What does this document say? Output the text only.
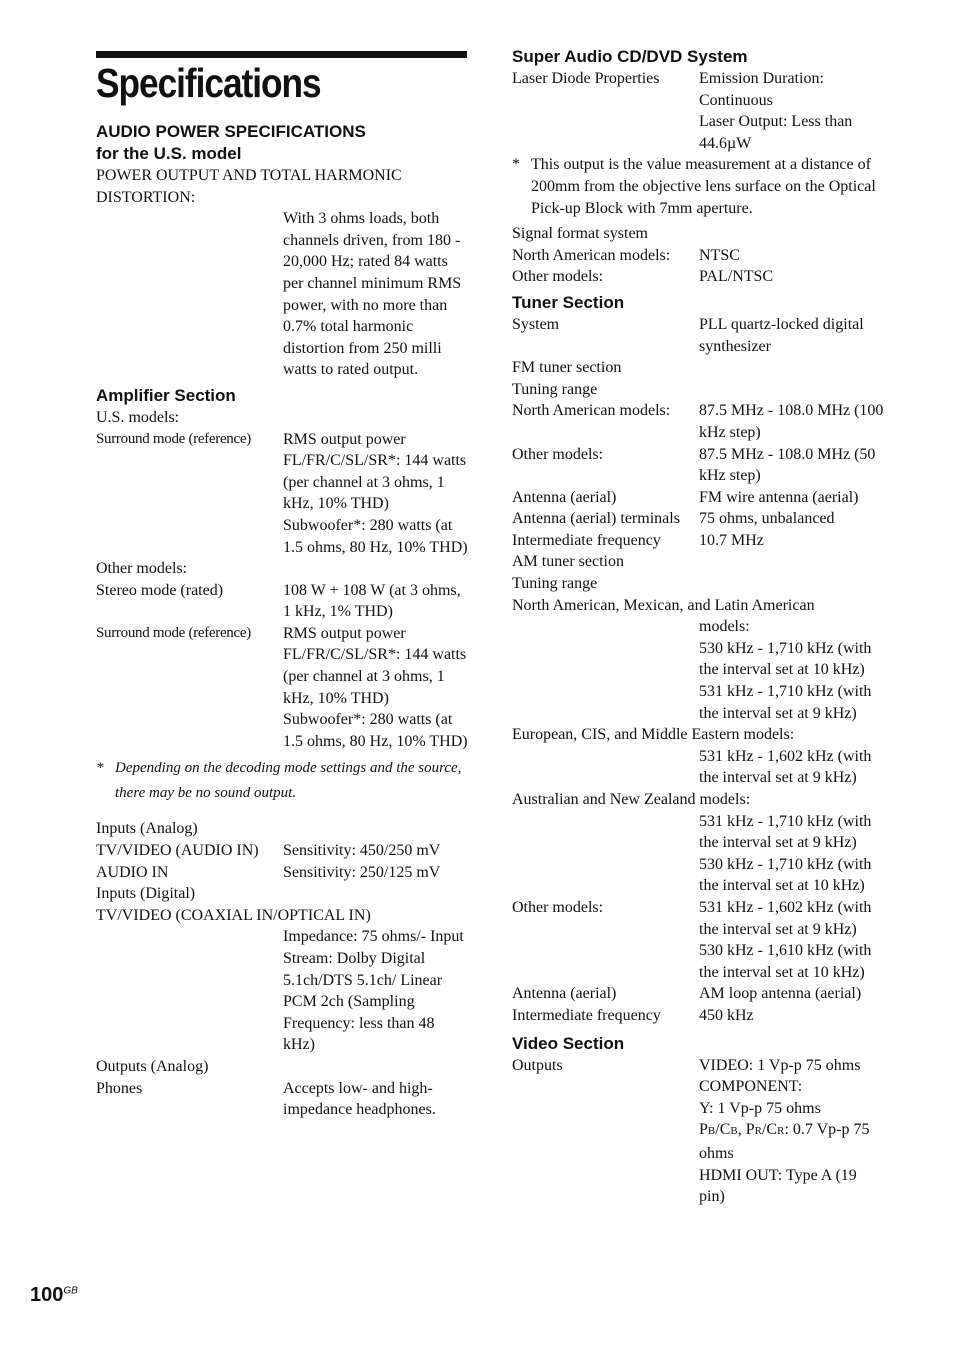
Specifications
AUDIO POWER SPECIFICATIONS
for the U.S. model
POWER OUTPUT AND TOTAL HARMONIC DISTORTION:
With 3 ohms loads, both channels driven, from 180 - 20,000 Hz; rated 84 watts per channel minimum RMS power, with no more than 0.7% total harmonic distortion from 250 milli watts to rated output.
Amplifier Section
U.S. models:
Surround mode (reference)	RMS output power FL/FR/C/SL/SR*: 144 watts (per channel at 3 ohms, 1 kHz, 10% THD) Subwoofer*: 280 watts (at 1.5 ohms, 80 Hz, 10% THD)
Other models:
Stereo mode (rated)	108 W + 108 W (at 3 ohms, 1 kHz, 1% THD)
Surround mode (reference)	RMS output power FL/FR/C/SL/SR*: 144 watts (per channel at 3 ohms, 1 kHz, 10% THD) Subwoofer*: 280 watts (at 1.5 ohms, 80 Hz, 10% THD)
* Depending on the decoding mode settings and the source, there may be no sound output.
Inputs (Analog)
TV/VIDEO (AUDIO IN)	Sensitivity: 450/250 mV
AUDIO IN	Sensitivity: 250/125 mV
Inputs (Digital)
TV/VIDEO (COAXIAL IN/OPTICAL IN)
Impedance: 75 ohms/- Input Stream: Dolby Digital 5.1ch/DTS 5.1ch/ Linear PCM 2ch (Sampling Frequency: less than 48 kHz)
Outputs (Analog)
Phones	Accepts low- and high-impedance headphones.
Super Audio CD/DVD System
Laser Diode Properties	Emission Duration: Continuous
Laser Output: Less than 44.6µW
* This output is the value measurement at a distance of 200mm from the objective lens surface on the Optical Pick-up Block with 7mm aperture.
Signal format system
North American models:	NTSC
Other models:	PAL/NTSC
Tuner Section
System	PLL quartz-locked digital synthesizer
FM tuner section
Tuning range
North American models:	87.5 MHz - 108.0 MHz (100 kHz step)
Other models:	87.5 MHz - 108.0 MHz (50 kHz step)
Antenna (aerial)	FM wire antenna (aerial)
Antenna (aerial) terminals	75 ohms, unbalanced
Intermediate frequency	10.7 MHz
AM tuner section
Tuning range
North American, Mexican, and Latin American
models:
530 kHz - 1,710 kHz (with the interval set at 10 kHz)
531 kHz - 1,710 kHz (with the interval set at 9 kHz)
European, CIS, and Middle Eastern models:
531 kHz - 1,602 kHz (with the interval set at 9 kHz)
Australian and New Zealand models:
531 kHz - 1,710 kHz (with the interval set at 9 kHz)
530 kHz - 1,710 kHz (with the interval set at 10 kHz)
Other models:	531 kHz - 1,602 kHz (with the interval set at 9 kHz)
530 kHz - 1,610 kHz (with the interval set at 10 kHz)
Antenna (aerial)	AM loop antenna (aerial)
Intermediate frequency	450 kHz
Video Section
Outputs	VIDEO: 1 Vp-p 75 ohms
COMPONENT:
Y: 1 Vp-p 75 ohms
PB/CB, PR/CR: 0.7 Vp-p 75 ohms
HDMI OUT: Type A (19 pin)
$100^{GB}$
